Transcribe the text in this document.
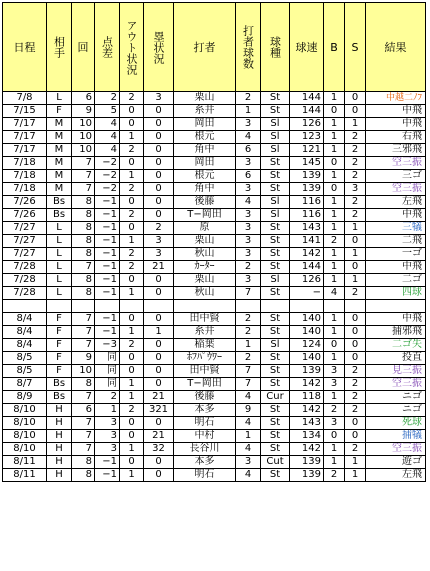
日程	相手	回	点差	アウト状況	塁状況	打者	打者球数	球種	球速	B	S	結果
7/8	L	6	2	2	3	栗山	2	St	144	1	0	中越二ﾉﾌ
7/15	F	9	5	0	0	糸井	1	St	144	0	0	中飛
7/17	M	10	4	0	0	岡田	3	Sl	126	1	1	中飛
7/17	M	10	4	1	0	根元	4	Sl	123	1	2	右飛
7/17	M	10	4	2	0	角中	6	Sl	121	1	2	三邪飛
7/18	M	7	−2	0	0	岡田	3	St	145	0	2	空三振
7/18	M	7	−2	1	0	根元	6	St	139	1	2	三ゴ
7/18	M	7	−2	2	0	角中	3	St	139	0	3	空三振
7/26	Bs	8	−1	0	0	後藤	4	Sl	116	1	2	左飛
7/26	Bs	8	−1	2	0	T−岡田	3	Sl	116	1	2	中飛
7/27	L	8	−1	0	2	原	3	St	143	1	1	三犠
7/27	L	8	−1	1	3	栗山	3	St	141	2	0	二飛
7/27	L	8	−1	2	3	秋山	3	St	142	1	1	一ゴ
7/28	L	7	−1	2	21	ｶｰﾀｰ	2	St	144	1	0	中飛
7/28	L	8	−1	0	0	栗山	3	Sl	126	1	1	二ゴ
7/28	L	8	−1	1	0	秋山	7	St	−	4	2	四球

8/4	F	7	−1	0	0	田中賢	2	St	140	1	0	中飛
8/4	F	7	−1	1	1	糸井	2	St	140	1	0	捕邪飛
8/4	F	7	−3	2	0	稲葉	1	Sl	124	0	0	二ゴ失
8/5	F	9	同	0	0	ﾎﾌﾊﾟｳﾜｰ	2	St	140	1	0	投直
8/5	F	10	同	0	0	田中賢	7	St	139	3	2	見三振
8/7	Bs	8	同	1	0	T−岡田	7	St	142	3	2	空三振
8/9	Bs	7	2	1	21	後藤	4	Cur	118	1	2	ニゴ
8/10	H	6	1	2	321	本多	9	St	142	2	2	ニゴ
8/10	H	7	3	0	0	明石	4	St	143	3	0	死球
8/10	H	7	3	0	21	中村	1	St	134	0	0	捕犠
8/10	H	7	3	1	32	長谷川	4	St	142	1	2	空三振
8/11	H	8	−1	0	0	本多	3	Cut	139	1	1	遊ゴ
8/11	H	8	−1	1	0	明石	4	St	139	2	1	左飛
